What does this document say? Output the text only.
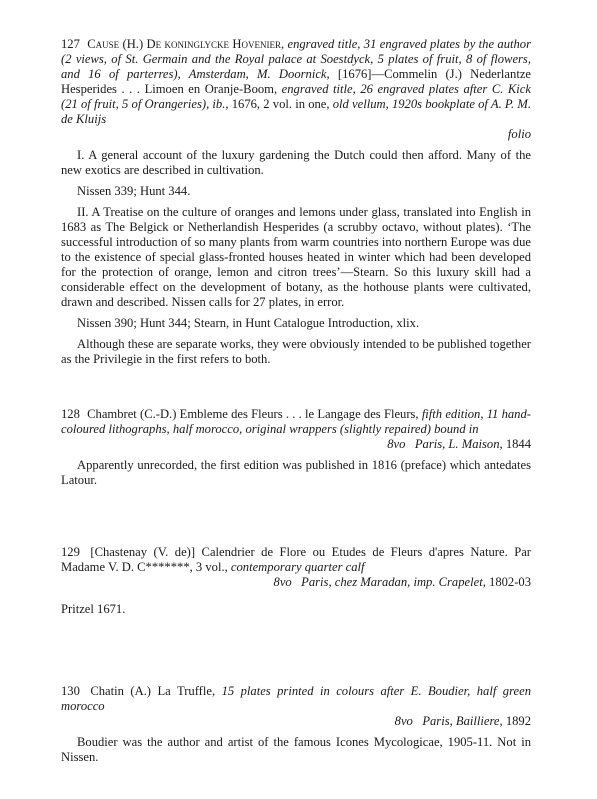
127 Cause (H.) De koninglycke Hovenier, engraved title, 31 engraved plates by the author (2 views, of St. Germain and the Royal palace at Soestdyck, 5 plates of fruit, 8 of flowers, and 16 of parterres), Amsterdam, M. Doornick, [1676]—Commelin (J.) Nederlantze Hesperides . . . Limoen en Oranje-Boom, engraved title, 26 engraved plates after C. Kick (21 of fruit, 5 of Orangeries), ib., 1676, 2 vol. in one, old vellum, 1920s bookplate of A. P. M. de Kluijs
folio

I. A general account of the luxury gardening the Dutch could then afford. Many of the new exotics are described in cultivation.

Nissen 339; Hunt 344.

II. A Treatise on the culture of oranges and lemons under glass, translated into English in 1683 as The Belgick or Netherlandish Hesperides (a scrubby octavo, without plates). ‘The successful introduction of so many plants from warm countries into northern Europe was due to the existence of special glass-fronted houses heated in winter which had been developed for the protection of orange, lemon and citron trees’—Stearn. So this luxury skill had a considerable effect on the development of botany, as the hothouse plants were cultivated, drawn and described. Nissen calls for 27 plates, in error.

Nissen 390; Hunt 344; Stearn, in Hunt Catalogue Introduction, xlix.

Although these are separate works, they were obviously intended to be published together as the Privilegie in the first refers to both.

128 Chambret (C.-D.) Embleme des Fleurs . . . le Langage des Fleurs, fifth edition, 11 hand-coloured lithographs, half morocco, original wrappers (slightly repaired) bound in
8vo Paris, L. Maison, 1844

Apparently unrecorded, the first edition was published in 1816 (preface) which antedates Latour.

129 [Chastenay (V. de)] Calendrier de Flore ou Etudes de Fleurs d'apres Nature. Par Madame V. D. C*******, 3 vol., contemporary quarter calf
8vo Paris, chez Maradan, imp. Crapelet, 1802-03

Pritzel 1671.

130 Chatin (A.) La Truffle, 15 plates printed in colours after E. Boudier, half green morocco
8vo Paris, Bailliere, 1892

Boudier was the author and artist of the famous Icones Mycologicae, 1905-11. Not in Nissen.
